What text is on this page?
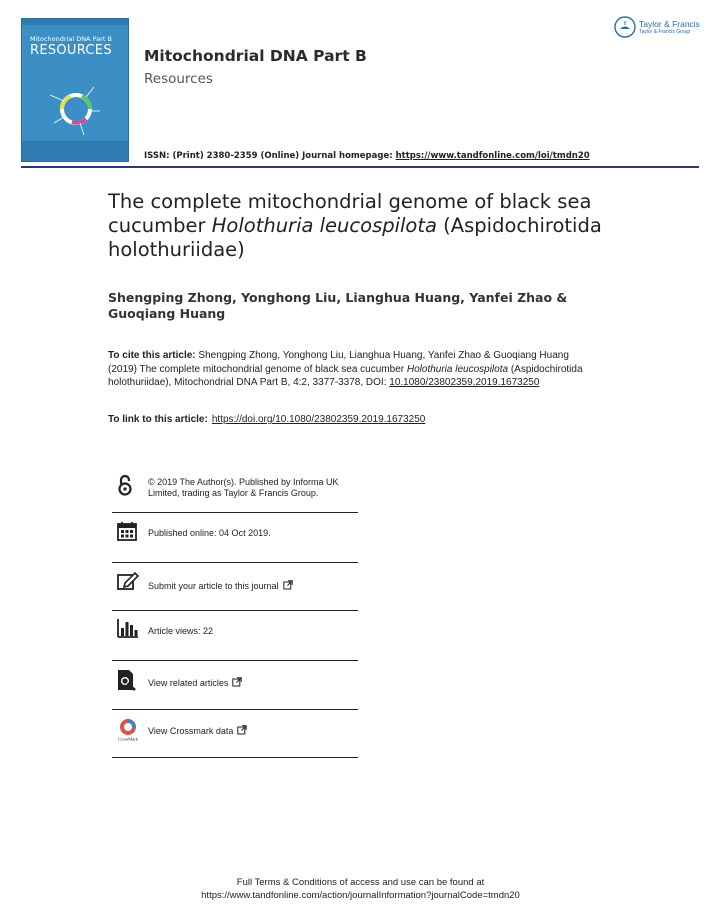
Mitochondrial DNA Part B
RESOURCES Mitochondrial DNA Part B
Resources
ISSN: (Print) 2380-2359 (Online) Journal homepage: https://www.tandfonline.com/loi/tmdn20
Taylor & Francis
Taylor & Francis Group
The complete mitochondrial genome of black sea cucumber Holothuria leucospilota (Aspidochirotida holothuriidae)
Shengping Zhong, Yonghong Liu, Lianghua Huang, Yanfei Zhao & Guoqiang Huang
To cite this article: Shengping Zhong, Yonghong Liu, Lianghua Huang, Yanfei Zhao & Guoqiang Huang (2019) The complete mitochondrial genome of black sea cucumber Holothuria leucospilota (Aspidochirotida holothuriidae), Mitochondrial DNA Part B, 4:2, 3377-3378, DOI: 10.1080/23802359.2019.1673250
To link to this article: https://doi.org/10.1080/23802359.2019.1673250
© 2019 The Author(s). Published by Informa UK Limited, trading as Taylor & Francis Group.
Published online: 04 Oct 2019.
Submit your article to this journal
Article views: 22
View related articles
CrossMark
View Crossmark data
Full Terms & Conditions of access and use can be found at
https://www.tandfonline.com/action/journalInformation?journalCode=tmdn20
